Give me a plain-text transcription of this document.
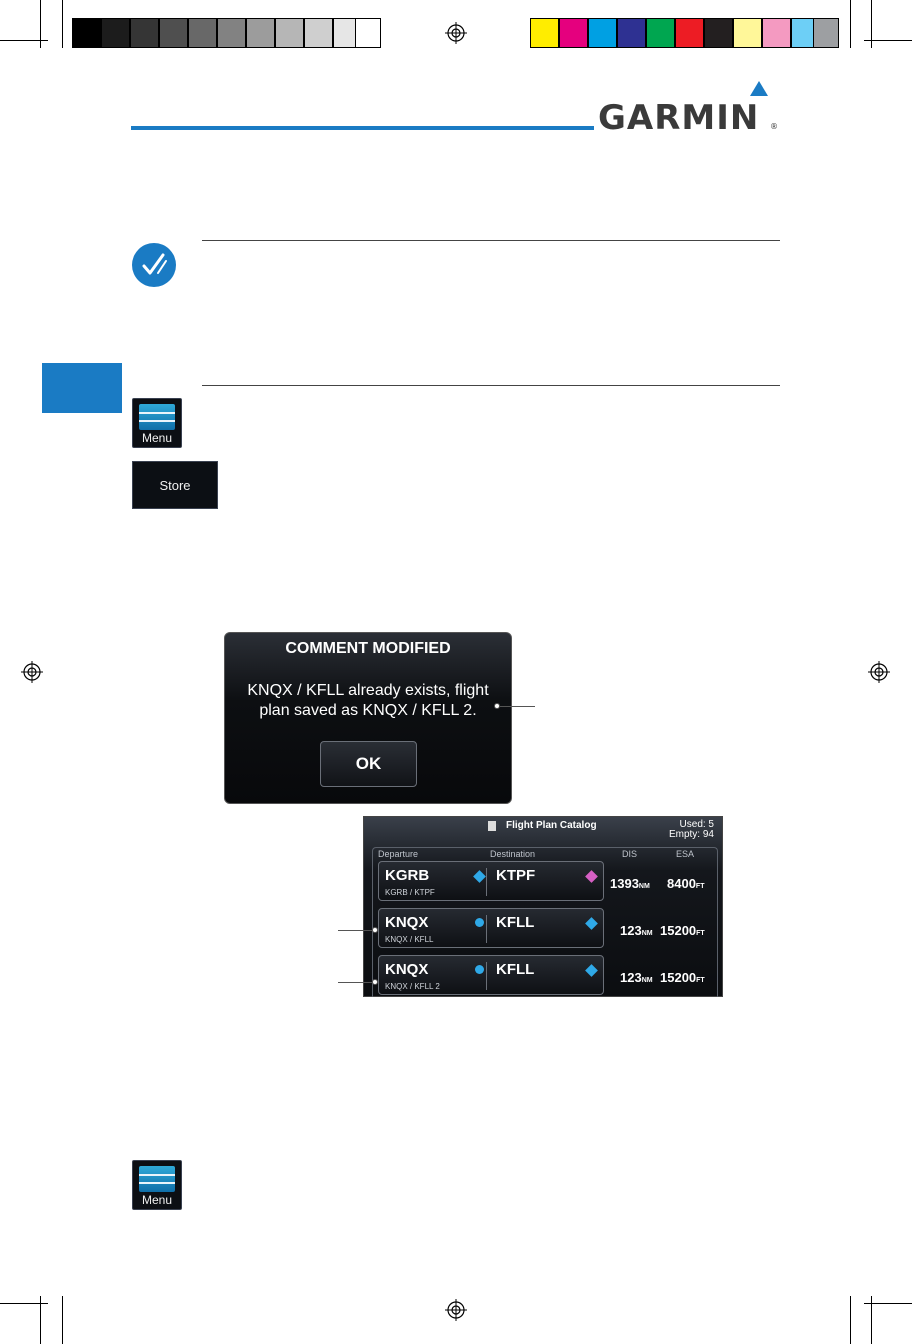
GARMIN ®
Menu
Store
COMMENT MODIFIED
KNQX / KFLL already exists, flight
plan saved as KNQX / KFLL 2.
OK
Flight Plan Catalog	Used: 5
Empty: 94
Departure	Destination	DIS	ESA
KGRB
KGRB / KTPF
KTPF	1393NM 8400FT
KNQX
KNQX / KFLL
KFLL	123NM 15200FT
KNQX
KNQX / KFLL 2
KFLL	123NM 15200FT
Menu
